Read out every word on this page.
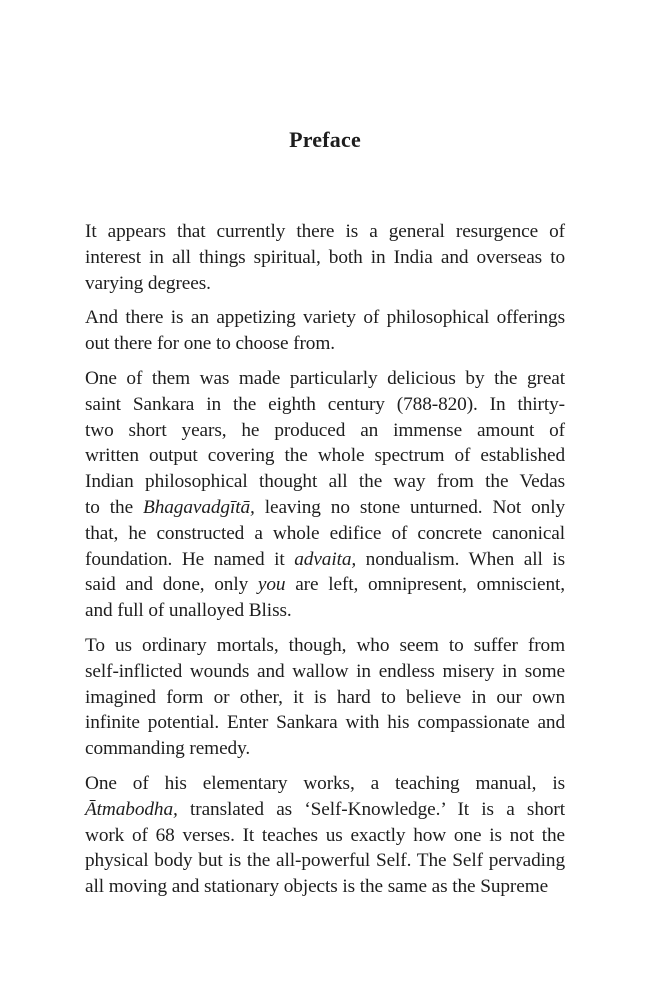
Preface
It appears that currently there is a general resurgence of
interest in all things spiritual, both in India and overseas to
varying degrees.
And there is an appetizing variety of philosophical offerings
out there for one to choose from.
One of them was made particularly delicious by the great
saint Sankara in the eighth century (788-820). In thirty-
two short years, he produced an immense amount of
written output covering the whole spectrum of established
Indian philosophical thought all the way from the Vedas
to the Bhagavadgītā, leaving no stone unturned. Not only
that, he constructed a whole edifice of concrete canonical
foundation. He named it advaita, nondualism. When all is
said and done, only you are left, omnipresent, omniscient,
and full of unalloyed Bliss.
To us ordinary mortals, though, who seem to suffer from
self-inflicted wounds and wallow in endless misery in some
imagined form or other, it is hard to believe in our own
infinite potential. Enter Sankara with his compassionate and
commanding remedy.
One of his elementary works, a teaching manual, is
Ātmabodha, translated as ‘Self-Knowledge.’ It is a short
work of 68 verses. It teaches us exactly how one is not the
physical body but is the all-powerful Self. The Self pervading
all moving and stationary objects is the same as the Supreme
